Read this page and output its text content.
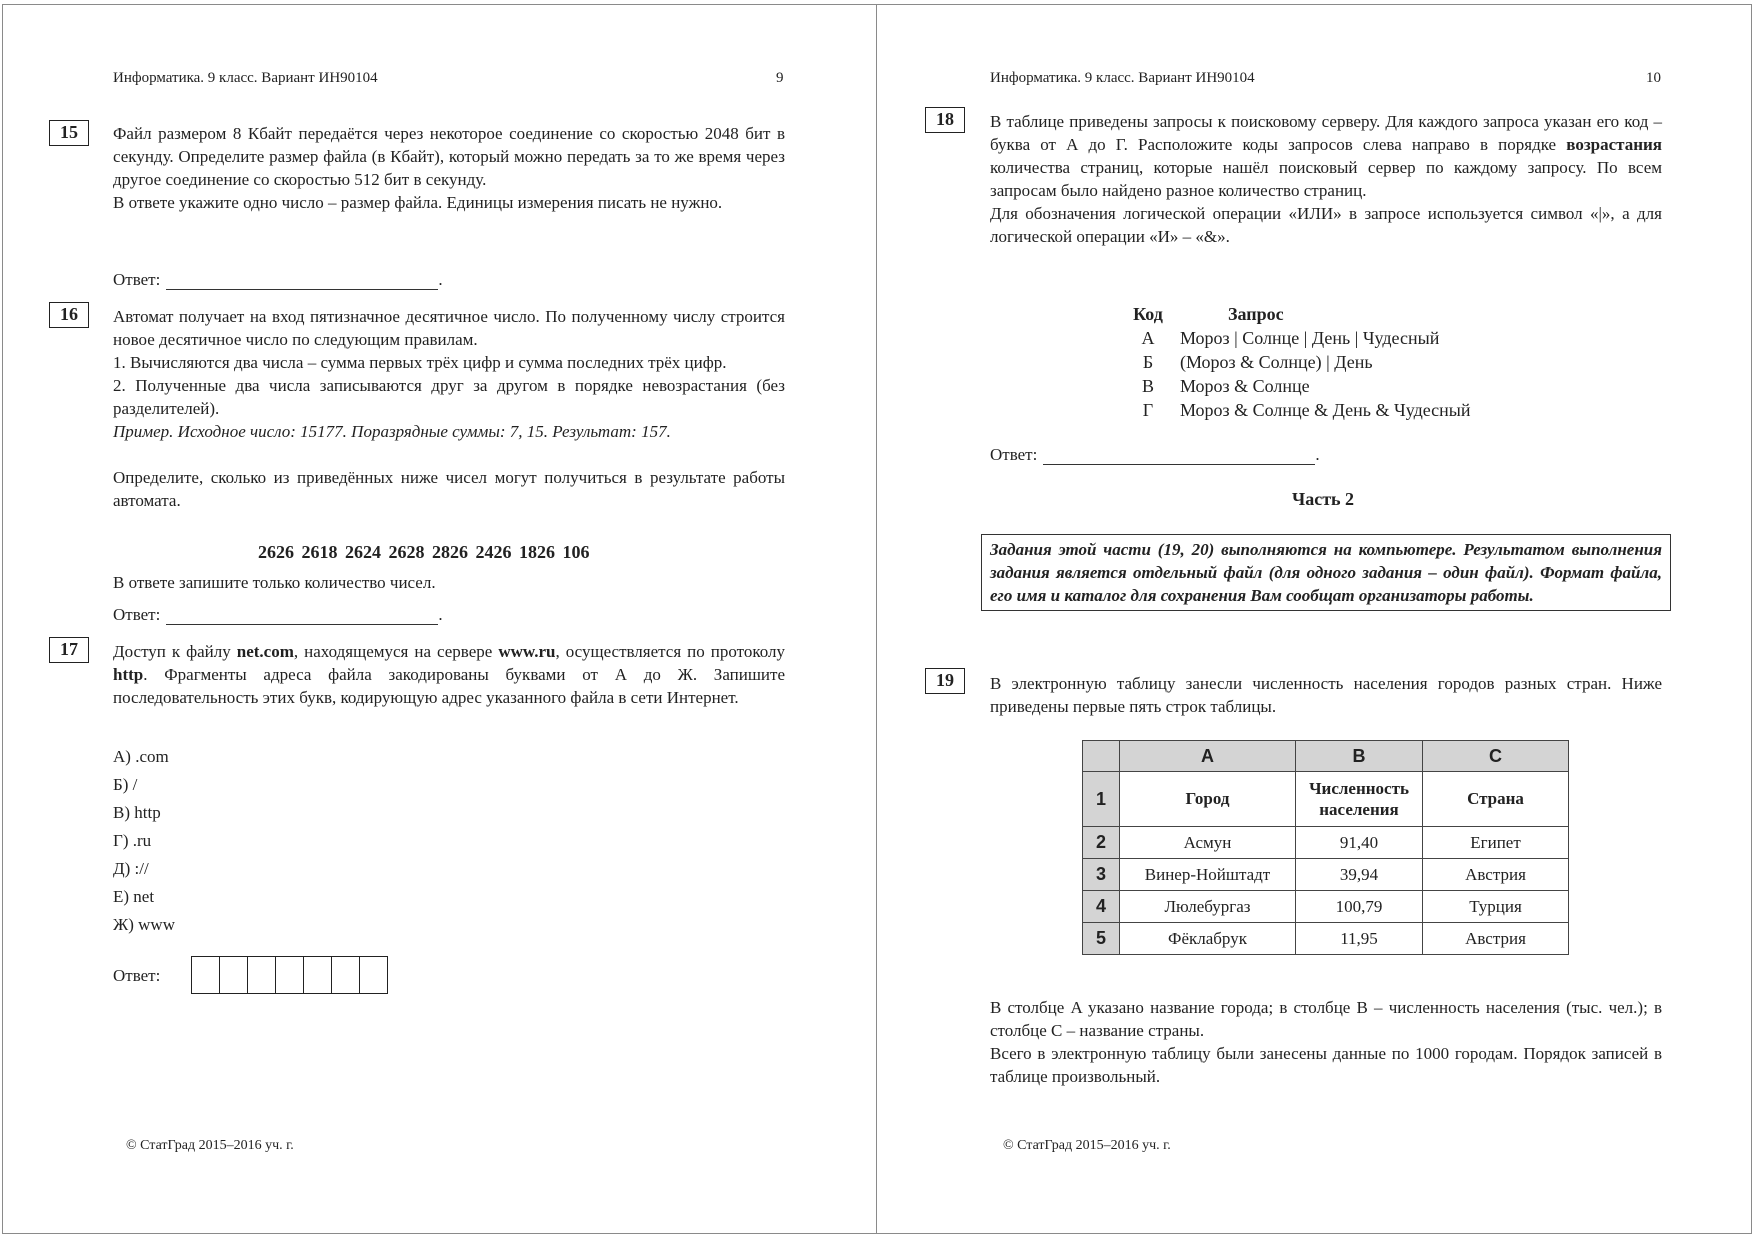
Информатика. 9 класс. Вариант ИН90104	9
15	Файл размером 8 Кбайт передаётся через некоторое соединение со скоростью 2048 бит в секунду. Определите размер файла (в Кбайт), который можно передать за то же время через другое соединение со скоростью 512 бит в секунду.

В ответе укажите одно число – размер файла. Единицы измерения писать не нужно.

Ответ:	.
16	Автомат получает на вход пятизначное десятичное число. По полученному числу строится новое десятичное число по следующим правилам.

1. Вычисляются два числа – сумма первых трёх цифр и сумма последних трёх цифр.

2. Полученные два числа записываются друг за другом в порядке невозрастания (без разделителей).

Пример. Исходное число: 15177. Поразрядные суммы: 7, 15. Результат: 157.

Определите, сколько из приведённых ниже чисел могут получиться в результате работы автомата.

2626 2618 2624 2628 2826 2426 1826 106
В ответе запишите только количество чисел.
Ответ:	.
17	Доступ к файлу net.com, находящемуся на сервере www.ru, осуществляется по протоколу http. Фрагменты адреса файла закодированы буквами от А до Ж. Запишите последовательность этих букв, кодирующую адрес указанного файла в сети Интернет.
А) .com
Б) /
В) http
Г) .ru
Д) ://
Е) net
Ж) www
Ответ:
© СтатГрад 2015–2016 уч. г.
Информатика. 9 класс. Вариант ИН90104	10
18	В таблице приведены запросы к поисковому серверу. Для каждого запроса указан его код – буква от А до Г. Расположите коды запросов слева направо в порядке возрастания количества страниц, которые нашёл поисковый сервер по каждому запросу. По всем запросам было найдено разное количество страниц.

Для обозначения логической операции «ИЛИ» в запросе используется символ «|», а для логической операции «И» – «&».

Код	Запрос
А	Мороз | Солнце | День | Чудесный
Б	(Мороз & Солнце) | День
В	Мороз & Солнце
Г	Мороз & Солнце & День & Чудесный
Ответ:	.
Часть 2
Задания этой части (19, 20) выполняются на компьютере. Результатом выполнения задания является отдельный файл (для одного задания – один файл). Формат файла, его имя и каталог для сохранения Вам сообщат организаторы работы.
19	В электронную таблицу занесли численность населения городов разных стран. Ниже приведены первые пять строк таблицы.
	A	B	C
1	Город	Численность населения	Страна
2	Асмун	91,40	Египет
3	Винер-Нойштадт	39,94	Австрия
4	Люлебургаз	100,79	Турция
5	Фёклабрук	11,95	Австрия

В столбце A указано название города; в столбце B – численность населения (тыс. чел.); в столбце C – название страны.

Всего в электронную таблицу были занесены данные по 1000 городам. Порядок записей в таблице произвольный.

© СтатГрад 2015–2016 уч. г.
